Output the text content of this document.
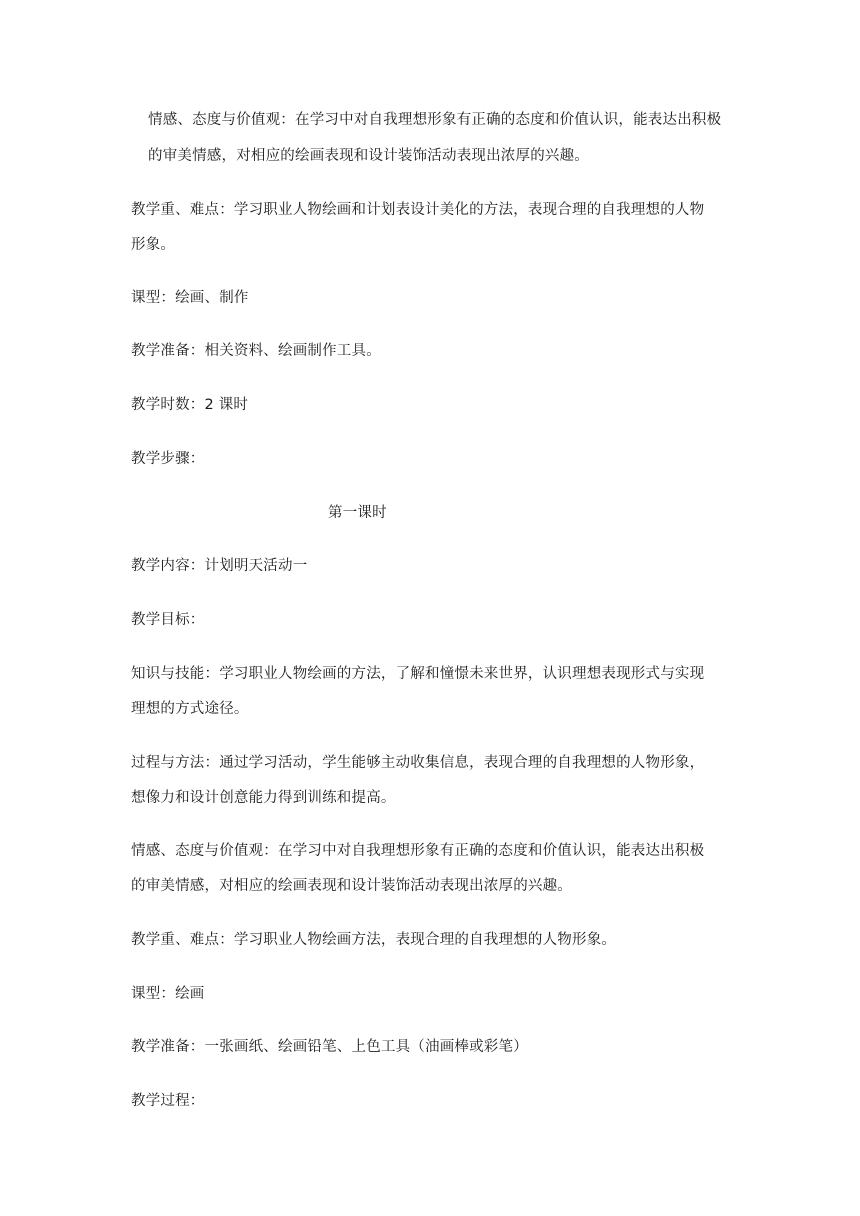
情感、态度与价值观：在学习中对自我理想形象有正确的态度和价值认识，能表达出积极
的审美情感，对相应的绘画表现和设计装饰活动表现出浓厚的兴趣。
教学重、难点：学习职业人物绘画和计划表设计美化的方法，表现合理的自我理想的人物
形象。
课型：绘画、制作
教学准备：相关资料、绘画制作工具。
教学时数：2 课时
教学步骤：
第一课时
教学内容：计划明天活动一
教学目标：
知识与技能：学习职业人物绘画的方法，了解和憧憬未来世界，认识理想表现形式与实现
理想的方式途径。
过程与方法：通过学习活动，学生能够主动收集信息，表现合理的自我理想的人物形象，
想像力和设计创意能力得到训练和提高。
情感、态度与价值观：在学习中对自我理想形象有正确的态度和价值认识，能表达出积极
的审美情感，对相应的绘画表现和设计装饰活动表现出浓厚的兴趣。
教学重、难点：学习职业人物绘画方法，表现合理的自我理想的人物形象。
课型：绘画
教学准备：一张画纸、绘画铅笔、上色工具（油画棒或彩笔）
教学过程：
